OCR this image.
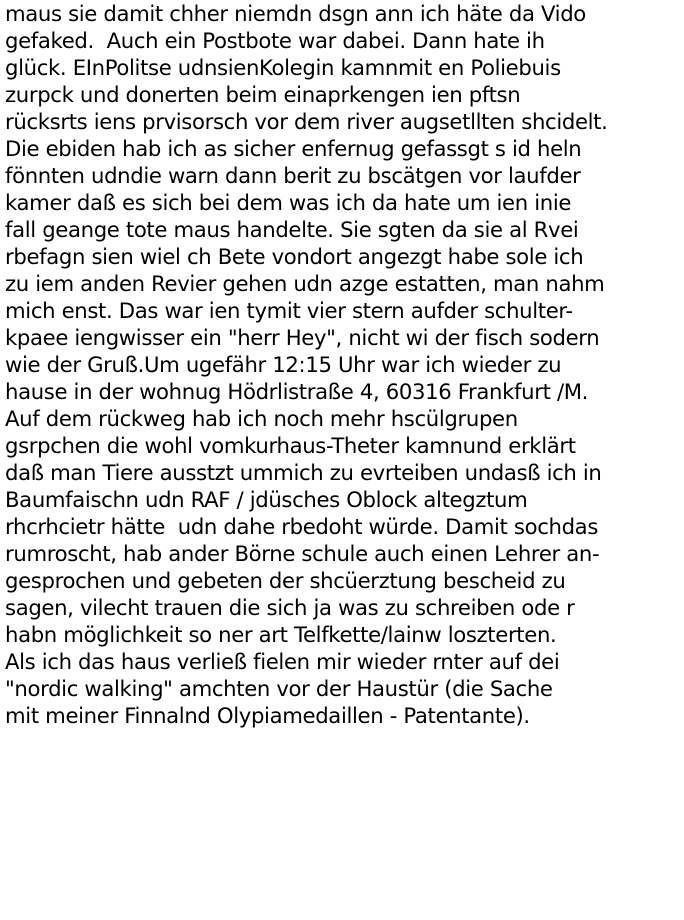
maus sie damit chher niemdn dsgn ann ich häte da Vido
gefaked.  Auch ein Postbote war dabei. Dann hate ih
glück. EInPolitse udnsienKolegin kamnmit en Poliebuis
zurpck und donerten beim einaprkengen ien pftsn
rücksrts iens prvisorsch vor dem river augsetllten shcidelt.
Die ebiden hab ich as sicher enfernug gefassgt s id heln
fönnten udndie warn dann berit zu bscätgen vor laufder
kamer daß es sich bei dem was ich da hate um ien inie
fall geange tote maus handelte. Sie sgten da sie al Rvei
rbefagn sien wiel ch Bete vondort angezgt habe sole ich
zu iem anden Revier gehen udn azge estatten, man nahm
mich enst. Das war ien tymit vier stern aufder schulter-
kpaee iengwisser ein "herr Hey", nicht wi der fisch sodern
wie der Gruß.Um ugefähr 12:15 Uhr war ich wieder zu
hause in der wohnug Hödrlistraße 4, 60316 Frankfurt /M.
Auf dem rückweg hab ich noch mehr hscülgrupen
gsrpchen die wohl vomkurhaus-Theter kamnund erklärt
daß man Tiere ausstzt ummich zu evrteiben undasß ich in
Baumfaischn udn RAF / jdüsches Oblock altegztum
rhcrhcietr hätte  udn dahe rbedoht würde. Damit sochdas
rumroscht, hab ander Börne schule auch einen Lehrer an-
gesprochen und gebeten der shcüerztung bescheid zu
sagen, vilecht trauen die sich ja was zu schreiben ode r
habn möglichkeit so ner art Telfkette/lainw loszterten.
Als ich das haus verließ fielen mir wieder rnter auf dei
"nordic walking" amchten vor der Haustür (die Sache
mit meiner Finnalnd Olypiamedaillen - Patentante).
